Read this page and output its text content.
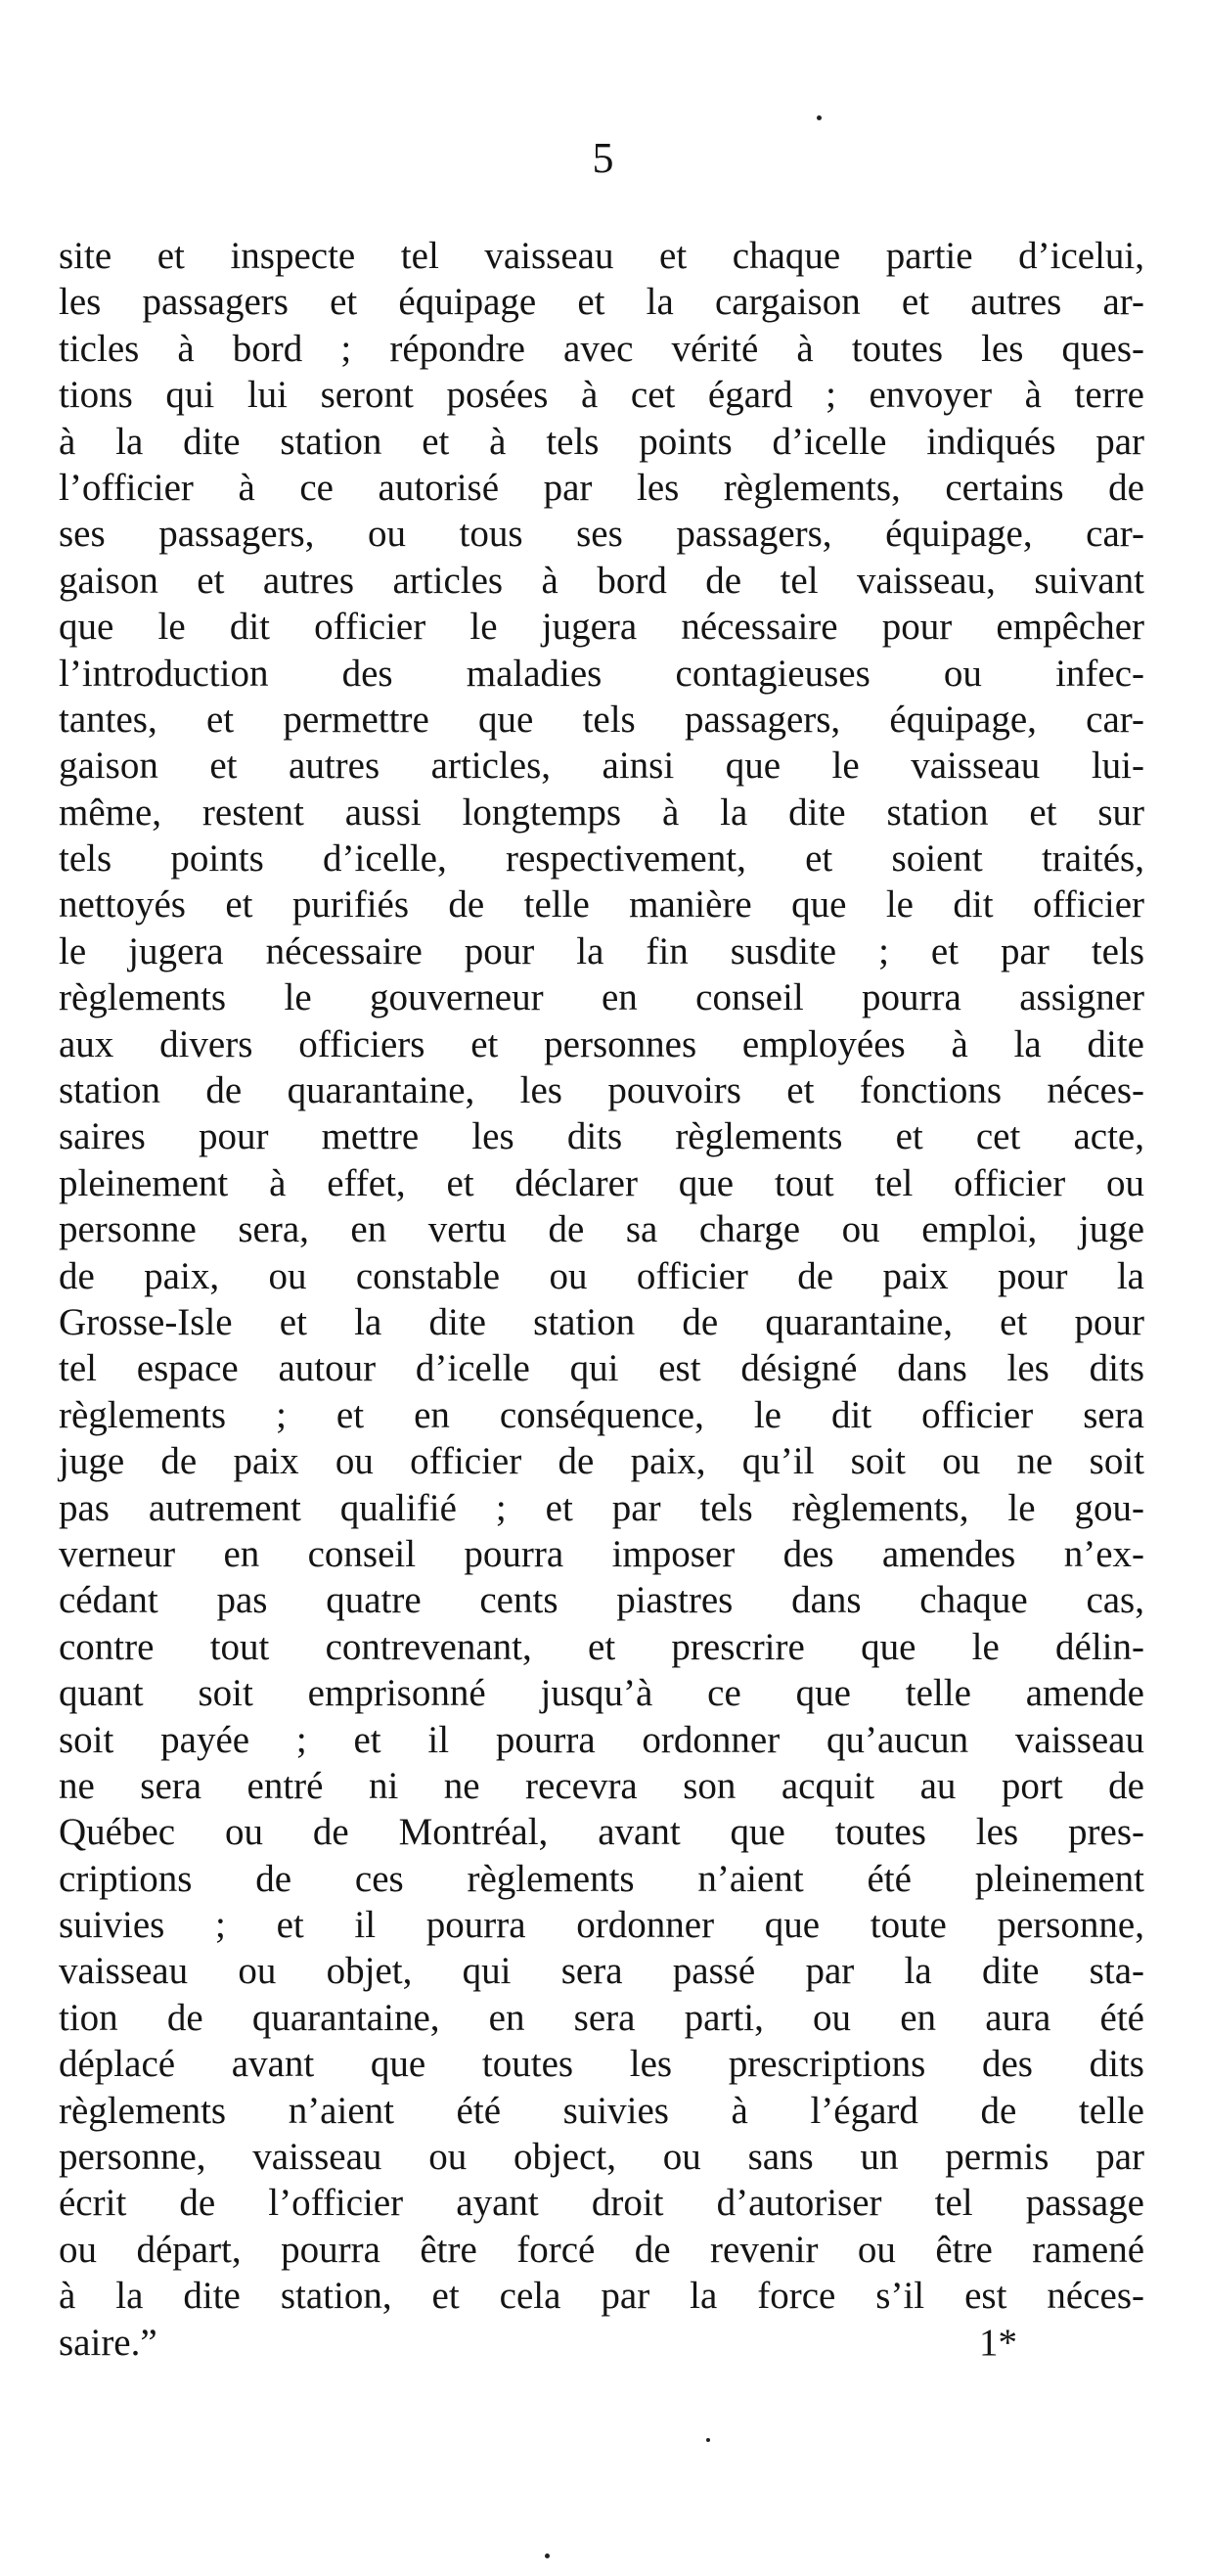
5
site et inspecte tel vaisseau et chaque partie d’icelui,
les passagers et équipage et la cargaison et autres ar-
ticles à bord ; répondre avec vérité à toutes les ques-
tions qui lui seront posées à cet égard ; envoyer à terre
à la dite station et à tels points d’icelle indiqués par
l’officier à ce autorisé par les règlements, certains de
ses passagers, ou tous ses passagers, équipage, car-
gaison et autres articles à bord de tel vaisseau, suivant
que le dit officier le jugera nécessaire pour empêcher
l’introduction des maladies contagieuses ou infec-
tantes, et permettre que tels passagers, équipage, car-
gaison et autres articles, ainsi que le vaisseau lui-
même, restent aussi longtemps à la dite station et sur
tels points d’icelle, respectivement, et soient traités,
nettoyés et purifiés de telle manière que le dit officier
le jugera nécessaire pour la fin susdite ; et par tels
règlements le gouverneur en conseil pourra assigner
aux divers officiers et personnes employées à la dite
station de quarantaine, les pouvoirs et fonctions néces-
saires pour mettre les dits règlements et cet acte,
pleinement à effet, et déclarer que tout tel officier ou
personne sera, en vertu de sa charge ou emploi, juge
de paix, ou constable ou officier de paix pour la
Grosse-Isle et la dite station de quarantaine, et pour
tel espace autour d’icelle qui est désigné dans les dits
règlements ; et en conséquence, le dit officier sera
juge de paix ou officier de paix, qu’il soit ou ne soit
pas autrement qualifié ; et par tels règlements, le gou-
verneur en conseil pourra imposer des amendes n’ex-
cédant pas quatre cents piastres dans chaque cas,
contre tout contrevenant, et prescrire que le délin-
quant soit emprisonné jusqu’à ce que telle amende
soit payée ; et il pourra ordonner qu’aucun vaisseau
ne sera entré ni ne recevra son acquit au port de
Québec ou de Montréal, avant que toutes les pres-
criptions de ces règlements n’aient été pleinement
suivies ; et il pourra ordonner que toute personne,
vaisseau ou objet, qui sera passé par la dite sta-
tion de quarantaine, en sera parti, ou en aura été
déplacé avant que toutes les prescriptions des dits
règlements n’aient été suivies à l’égard de telle
personne, vaisseau ou object, ou sans un permis par
écrit de l’officier ayant droit d’autoriser tel passage
ou départ, pourra être forcé de revenir ou être ramené
à la dite station, et cela par la force s’il est néces-
saire.”	1*
